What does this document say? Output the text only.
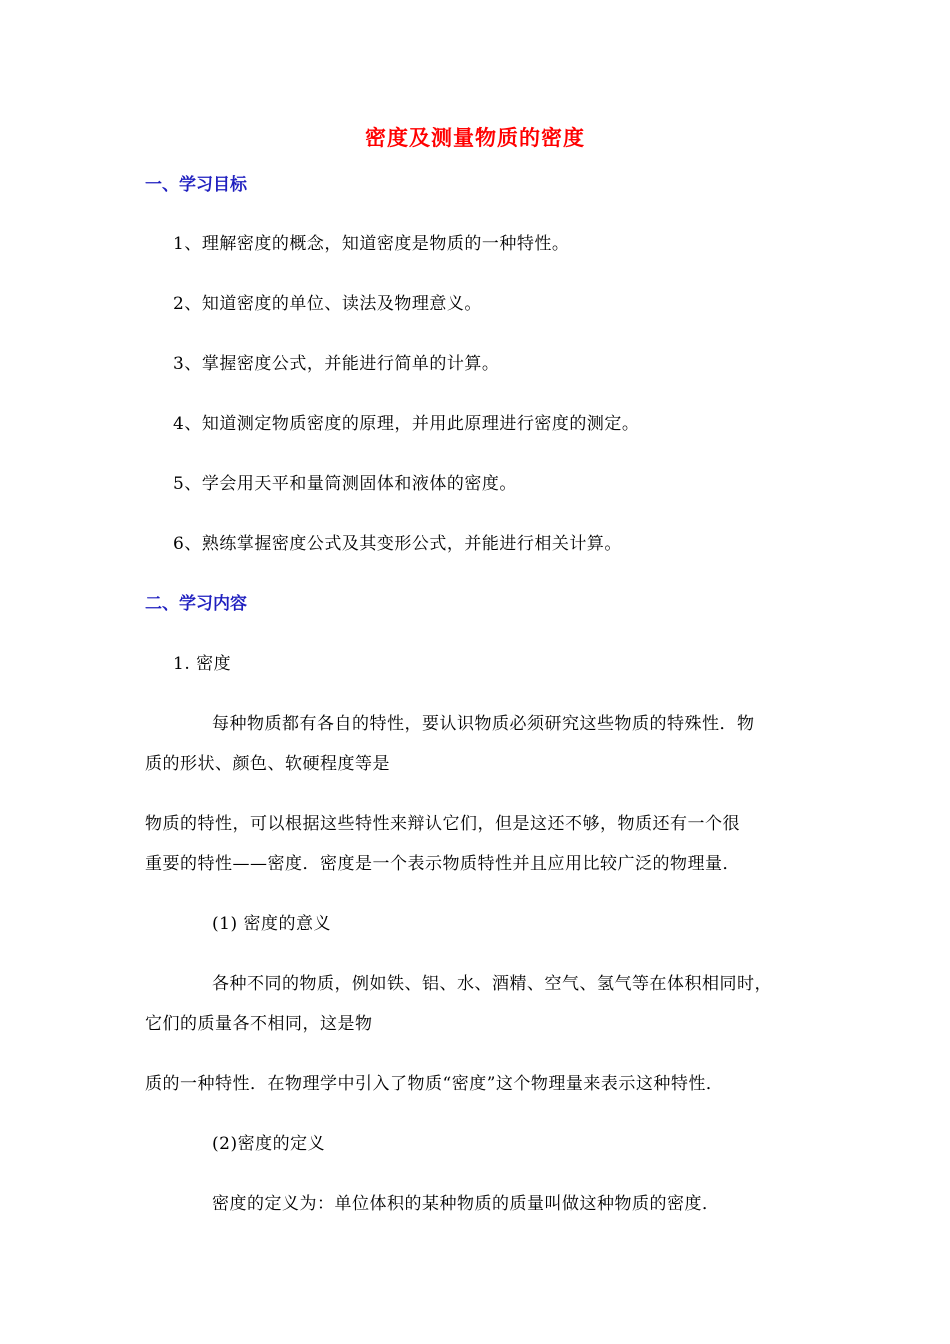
密度及测量物质的密度
一、学习目标
1、理解密度的概念，知道密度是物质的一种特性。
2、知道密度的单位、读法及物理意义。
3、掌握密度公式，并能进行简单的计算。
4、知道测定物质密度的原理，并用此原理进行密度的测定。
5、学会用天平和量筒测固体和液体的密度。
6、熟练掌握密度公式及其变形公式，并能进行相关计算。
二、学习内容
1. 密度
每种物质都有各自的特性，要认识物质必须研究这些物质的特殊性．物
质的形状、颜色、软硬程度等是
物质的特性，可以根据这些特性来辩认它们，但是这还不够，物质还有一个很
重要的特性——密度．密度是一个表示物质特性并且应用比较广泛的物理量．
(1) 密度的意义
各种不同的物质，例如铁、铝、水、酒精、空气、氢气等在体积相同时，
它们的质量各不相同，这是物
质的一种特性．在物理学中引入了物质“密度”这个物理量来表示这种特性．
(2)密度的定义
密度的定义为：单位体积的某种物质的质量叫做这种物质的密度．
